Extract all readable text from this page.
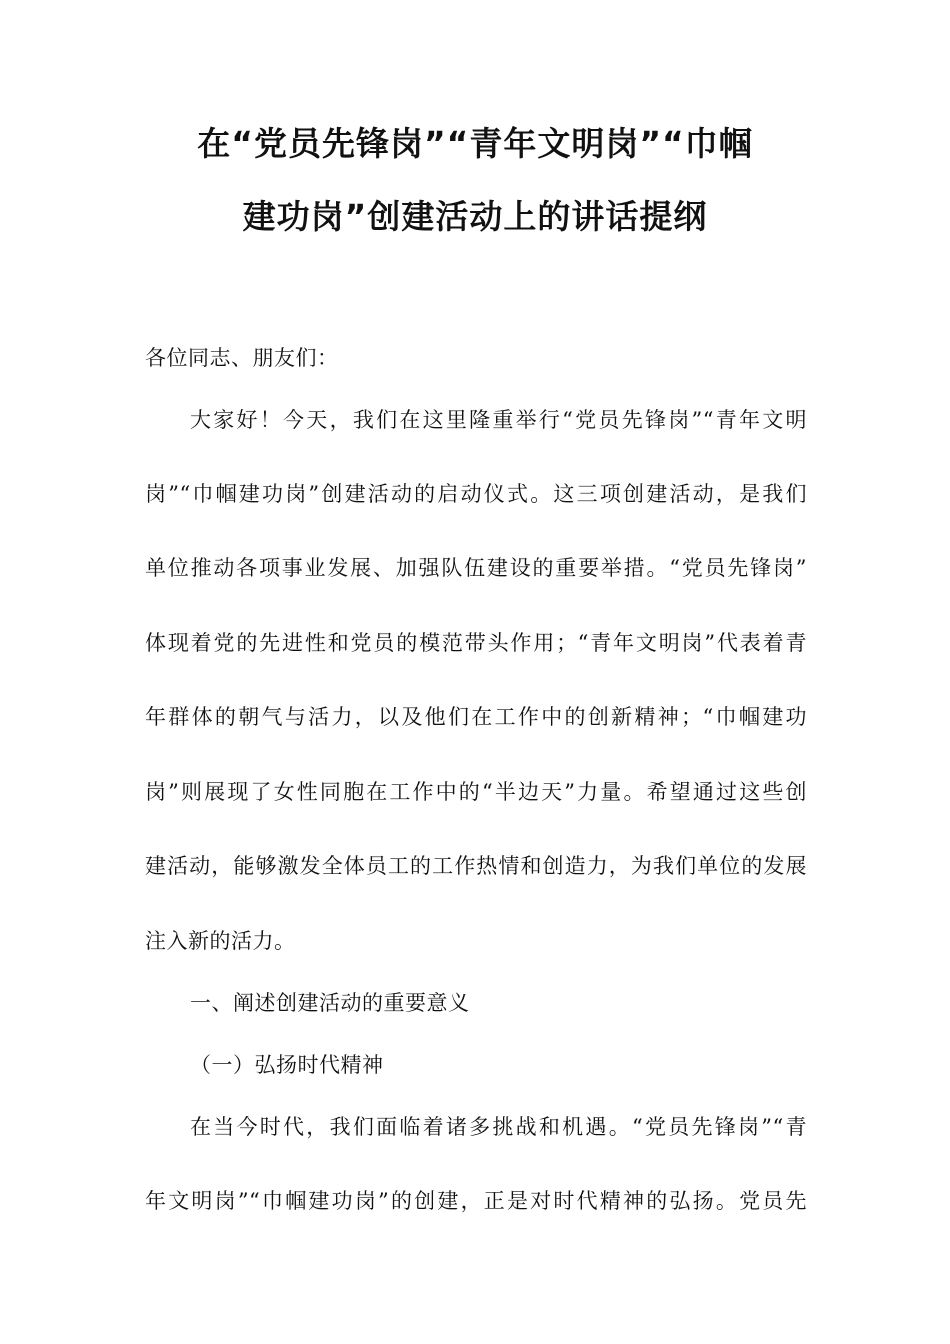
在“党员先锋岗”“青年文明岗”“巾帼
建功岗”创建活动上的讲话提纲

各位同志、朋友们：

大家好！今天，我们在这里隆重举行“党员先锋岗”“青年文明

岗”“巾帼建功岗”创建活动的启动仪式。这三项创建活动，是我们

单位推动各项事业发展、加强队伍建设的重要举措。“党员先锋岗”

体现着党的先进性和党员的模范带头作用；“青年文明岗”代表着青

年群体的朝气与活力，以及他们在工作中的创新精神；“巾帼建功

岗”则展现了女性同胞在工作中的“半边天”力量。希望通过这些创

建活动，能够激发全体员工的工作热情和创造力，为我们单位的发展

注入新的活力。

一、阐述创建活动的重要意义

（一）弘扬时代精神

在当今时代，我们面临着诸多挑战和机遇。“党员先锋岗”“青

年文明岗”“巾帼建功岗”的创建，正是对时代精神的弘扬。党员先
